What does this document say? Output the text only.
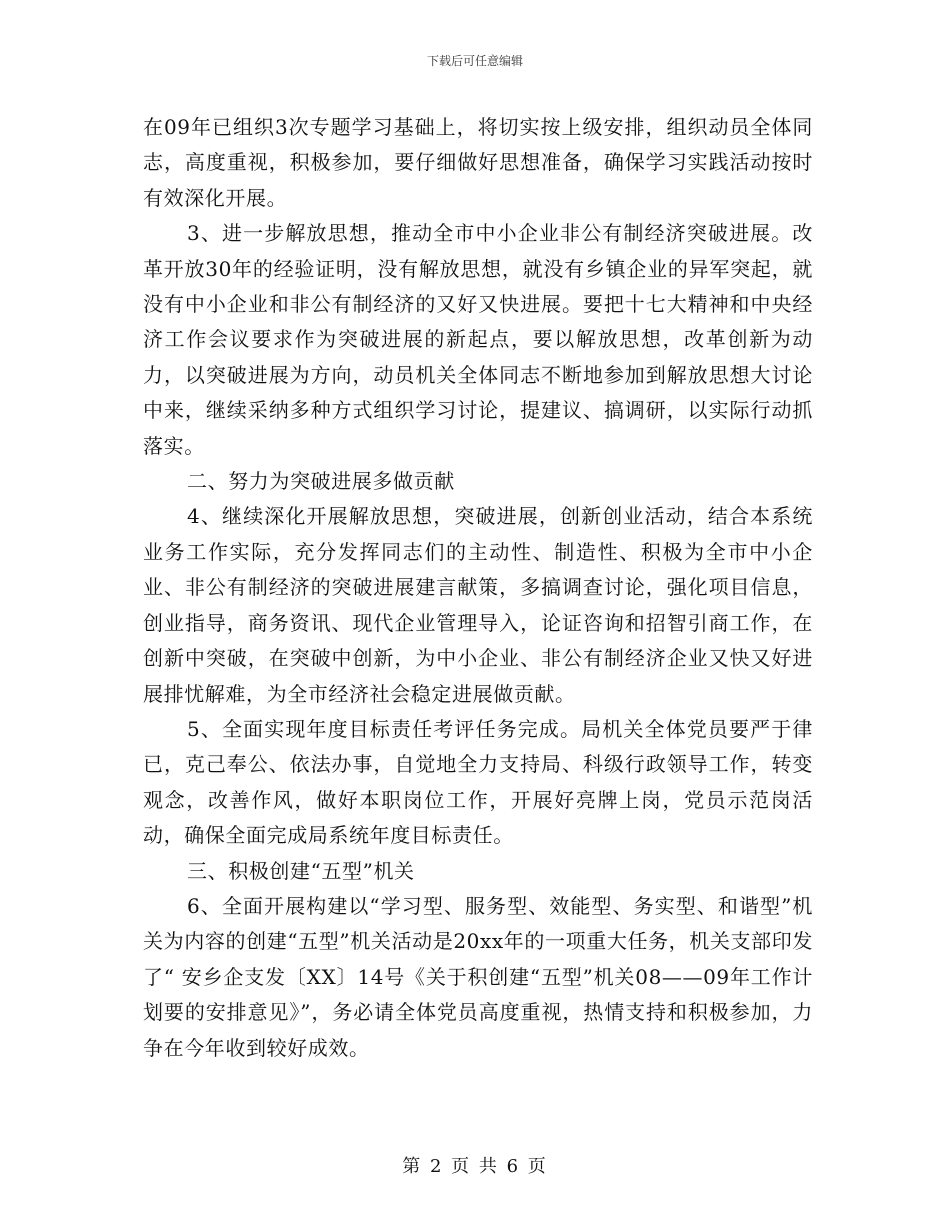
下载后可任意编辑

在09年已组织3次专题学习基础上，将切实按上级安排，组织动员全体同志，高度重视，积极参加，要仔细做好思想准备，确保学习实践活动按时有效深化开展。

3、进一步解放思想，推动全市中小企业非公有制经济突破进展。改革开放30年的经验证明，没有解放思想，就没有乡镇企业的异军突起，就没有中小企业和非公有制经济的又好又快进展。要把十七大精神和中央经济工作会议要求作为突破进展的新起点，要以解放思想，改革创新为动力，以突破进展为方向，动员机关全体同志不断地参加到解放思想大讨论中来，继续采纳多种方式组织学习讨论，提建议、搞调研，以实际行动抓落实。

二、努力为突破进展多做贡献

4、继续深化开展解放思想，突破进展，创新创业活动，结合本系统业务工作实际，充分发挥同志们的主动性、制造性、积极为全市中小企业、非公有制经济的突破进展建言献策，多搞调查讨论，强化项目信息，创业指导，商务资讯、现代企业管理导入，论证咨询和招智引商工作，在创新中突破，在突破中创新，为中小企业、非公有制经济企业又快又好进展排忧解难，为全市经济社会稳定进展做贡献。

5、全面实现年度目标责任考评任务完成。局机关全体党员要严于律已，克己奉公、依法办事，自觉地全力支持局、科级行政领导工作，转变观念，改善作风，做好本职岗位工作，开展好亮牌上岗，党员示范岗活动，确保全面完成局系统年度目标责任。

三、积极创建“五型”机关

6、全面开展构建以“学习型、服务型、效能型、务实型、和谐型”机关为内容的创建“五型”机关活动是20xx年的一项重大任务，机关支部印发了“ 安乡企支发〔XX〕14号《关于积创建“五型”机关08——09年工作计划要的安排意见》”，务必请全体党员高度重视，热情支持和积极参加，力争在今年收到较好成效。

第 2 页 共 6 页
